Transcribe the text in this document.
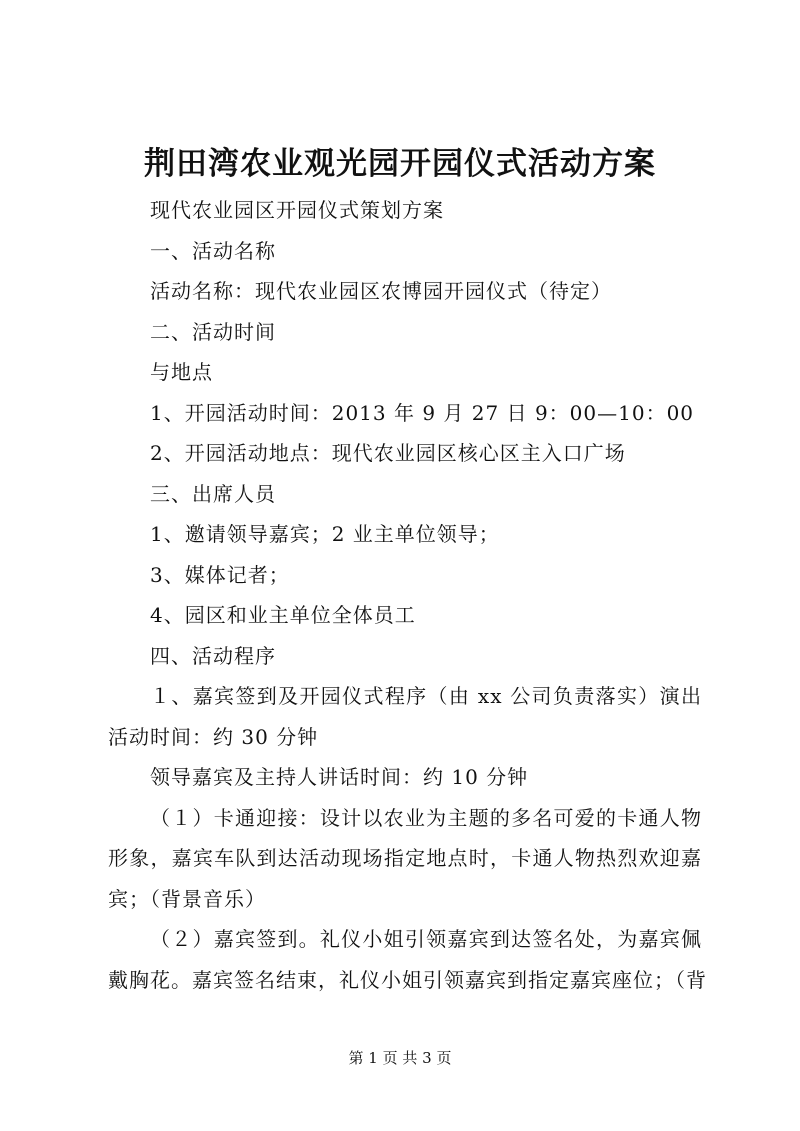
荆田湾农业观光园开园仪式活动方案
现代农业园区开园仪式策划方案
一、活动名称
活动名称：现代农业园区农博园开园仪式（待定）
二、活动时间
与地点
1、开园活动时间：2013 年 9 月 27 日 9：00—10：00
2、开园活动地点：现代农业园区核心区主入口广场
三、出席人员
1、邀请领导嘉宾；2 业主单位领导；
3、媒体记者；
4、园区和业主单位全体员工
四、活动程序
１、嘉宾签到及开园仪式程序（由 xx 公司负责落实）演出
活动时间：约 30 分钟
领导嘉宾及主持人讲话时间：约 10 分钟
（１）卡通迎接：设计以农业为主题的多名可爱的卡通人物
形象，嘉宾车队到达活动现场指定地点时，卡通人物热烈欢迎嘉
宾；（背景音乐）
（２）嘉宾签到。礼仪小姐引领嘉宾到达签名处，为嘉宾佩
戴胸花。嘉宾签名结束，礼仪小姐引领嘉宾到指定嘉宾座位；（背
第 1 页 共 3 页
